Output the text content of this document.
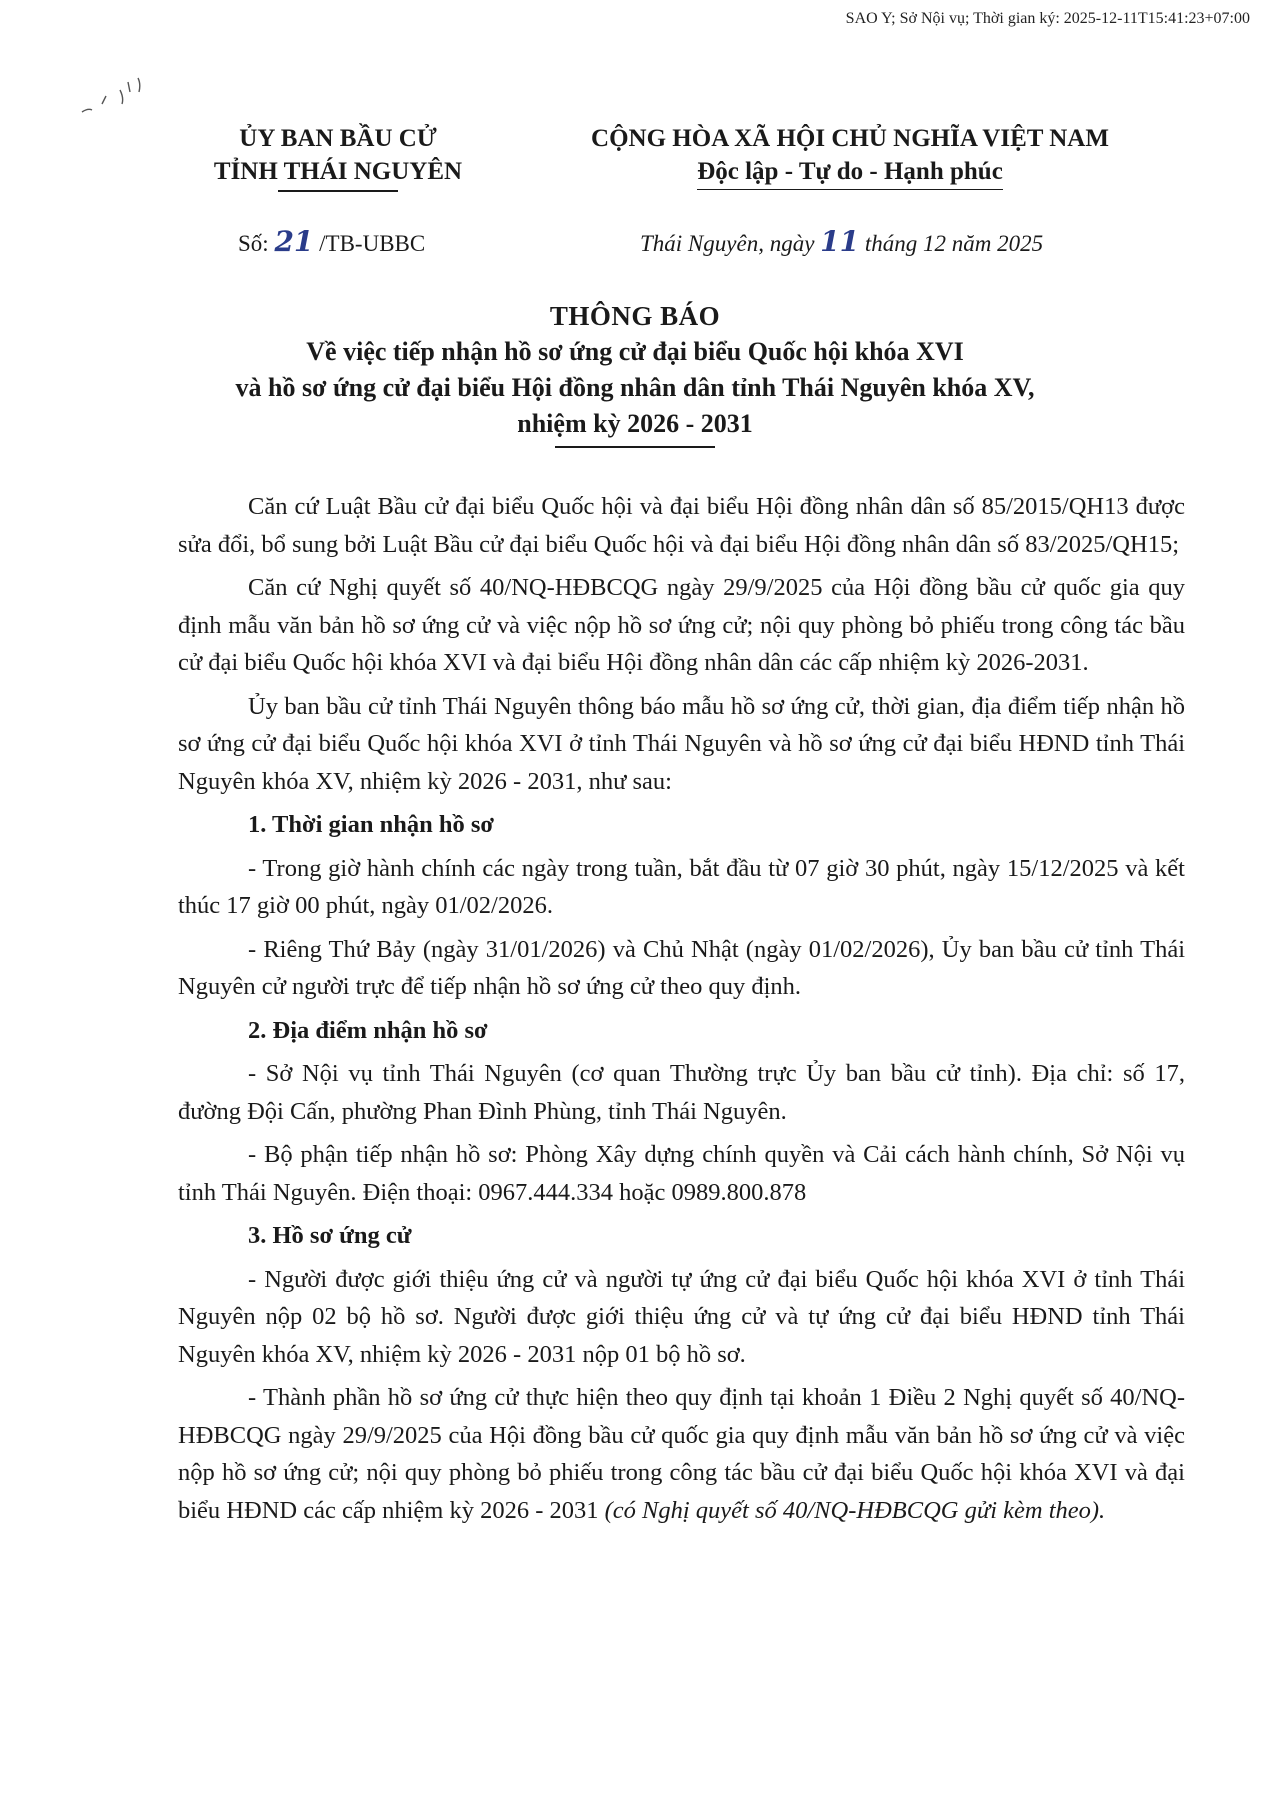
SAO Y; Sở Nội vụ; Thời gian ký: 2025-12-11T15:41:23+07:00
ỦY BAN BẦU CỬ
TỈNH THÁI NGUYÊN
CỘNG HÒA XÃ HỘI CHỦ NGHĨA VIỆT NAM
Độc lập - Tự do - Hạnh phúc
Số: 21 /TB-UBBC	Thái Nguyên, ngày 11 tháng 12 năm 2025
THÔNG BÁO
Về việc tiếp nhận hồ sơ ứng cử đại biểu Quốc hội khóa XVI
và hồ sơ ứng cử đại biểu Hội đồng nhân dân tỉnh Thái Nguyên khóa XV,
nhiệm kỳ 2026 - 2031

Căn cứ Luật Bầu cử đại biểu Quốc hội và đại biểu Hội đồng nhân dân số 85/2015/QH13 được sửa đổi, bổ sung bởi Luật Bầu cử đại biểu Quốc hội và đại biểu Hội đồng nhân dân số 83/2025/QH15;

Căn cứ Nghị quyết số 40/NQ-HĐBCQG ngày 29/9/2025 của Hội đồng bầu cử quốc gia quy định mẫu văn bản hồ sơ ứng cử và việc nộp hồ sơ ứng cử; nội quy phòng bỏ phiếu trong công tác bầu cử đại biểu Quốc hội khóa XVI và đại biểu Hội đồng nhân dân các cấp nhiệm kỳ 2026-2031.

Ủy ban bầu cử tỉnh Thái Nguyên thông báo mẫu hồ sơ ứng cử, thời gian, địa điểm tiếp nhận hồ sơ ứng cử đại biểu Quốc hội khóa XVI ở tỉnh Thái Nguyên và hồ sơ ứng cử đại biểu HĐND tỉnh Thái Nguyên khóa XV, nhiệm kỳ 2026 - 2031, như sau:

1. Thời gian nhận hồ sơ

- Trong giờ hành chính các ngày trong tuần, bắt đầu từ 07 giờ 30 phút, ngày 15/12/2025 và kết thúc 17 giờ 00 phút, ngày 01/02/2026.

- Riêng Thứ Bảy (ngày 31/01/2026) và Chủ Nhật (ngày 01/02/2026), Ủy ban bầu cử tỉnh Thái Nguyên cử người trực để tiếp nhận hồ sơ ứng cử theo quy định.

2. Địa điểm nhận hồ sơ

- Sở Nội vụ tỉnh Thái Nguyên (cơ quan Thường trực Ủy ban bầu cử tỉnh). Địa chỉ: số 17, đường Đội Cấn, phường Phan Đình Phùng, tỉnh Thái Nguyên.

- Bộ phận tiếp nhận hồ sơ: Phòng Xây dựng chính quyền và Cải cách hành chính, Sở Nội vụ tỉnh Thái Nguyên. Điện thoại: 0967.444.334 hoặc 0989.800.878

3. Hồ sơ ứng cử

- Người được giới thiệu ứng cử và người tự ứng cử đại biểu Quốc hội khóa XVI ở tỉnh Thái Nguyên nộp 02 bộ hồ sơ. Người được giới thiệu ứng cử và tự ứng cử đại biểu HĐND tỉnh Thái Nguyên khóa XV, nhiệm kỳ 2026 - 2031 nộp 01 bộ hồ sơ.

- Thành phần hồ sơ ứng cử thực hiện theo quy định tại khoản 1 Điều 2 Nghị quyết số 40/NQ-HĐBCQG ngày 29/9/2025 của Hội đồng bầu cử quốc gia quy định mẫu văn bản hồ sơ ứng cử và việc nộp hồ sơ ứng cử; nội quy phòng bỏ phiếu trong công tác bầu cử đại biểu Quốc hội khóa XVI và đại biểu HĐND các cấp nhiệm kỳ 2026 - 2031 (có Nghị quyết số 40/NQ-HĐBCQG gửi kèm theo).
